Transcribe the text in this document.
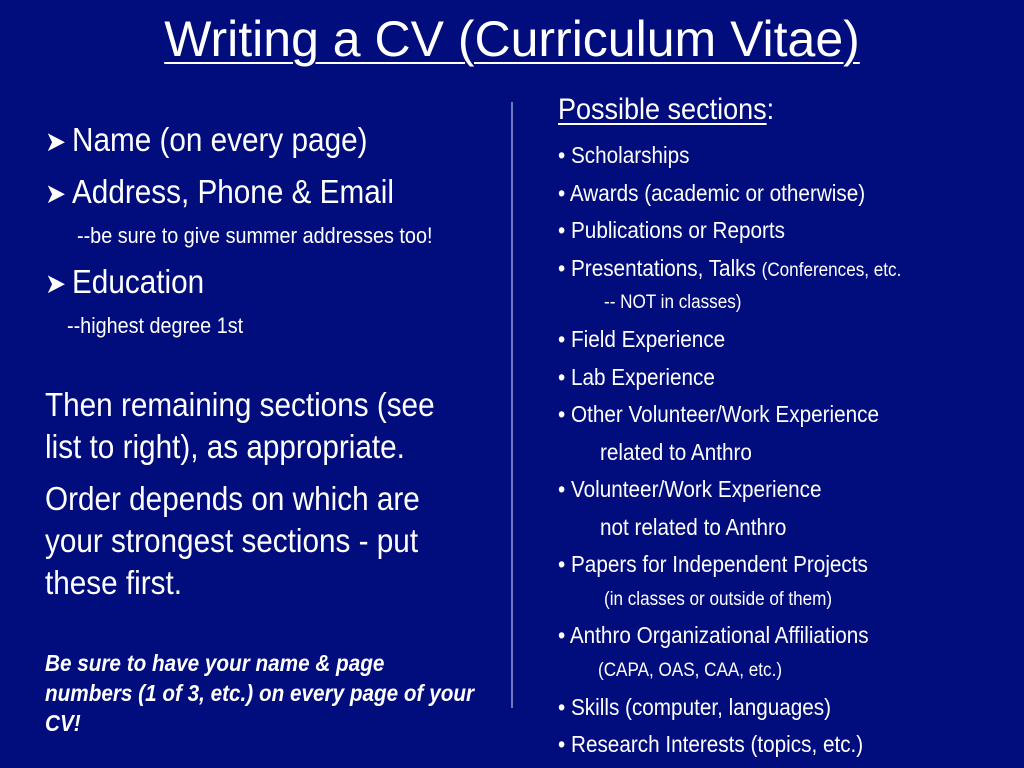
Writing a CV (Curriculum Vitae)
➤ Name (on every page)
➤ Address, Phone & Email
--be sure to give summer addresses too!
➤ Education
--highest degree 1st
Then remaining sections (see list to right), as appropriate.
Order depends on which are your strongest sections - put these first.
Be sure to have your name & page numbers (1 of 3, etc.) on every page of your CV!
Possible sections:
• Scholarships
• Awards (academic or otherwise)
• Publications or Reports
• Presentations, Talks (Conferences, etc.
-- NOT in classes)
• Field Experience
• Lab Experience
• Other Volunteer/Work Experience
related to Anthro
• Volunteer/Work Experience
not related to Anthro
• Papers for Independent Projects
(in classes or outside of them)
• Anthro Organizational Affiliations
(CAPA, OAS, CAA, etc.)
• Skills (computer, languages)
• Research Interests (topics, etc.)
